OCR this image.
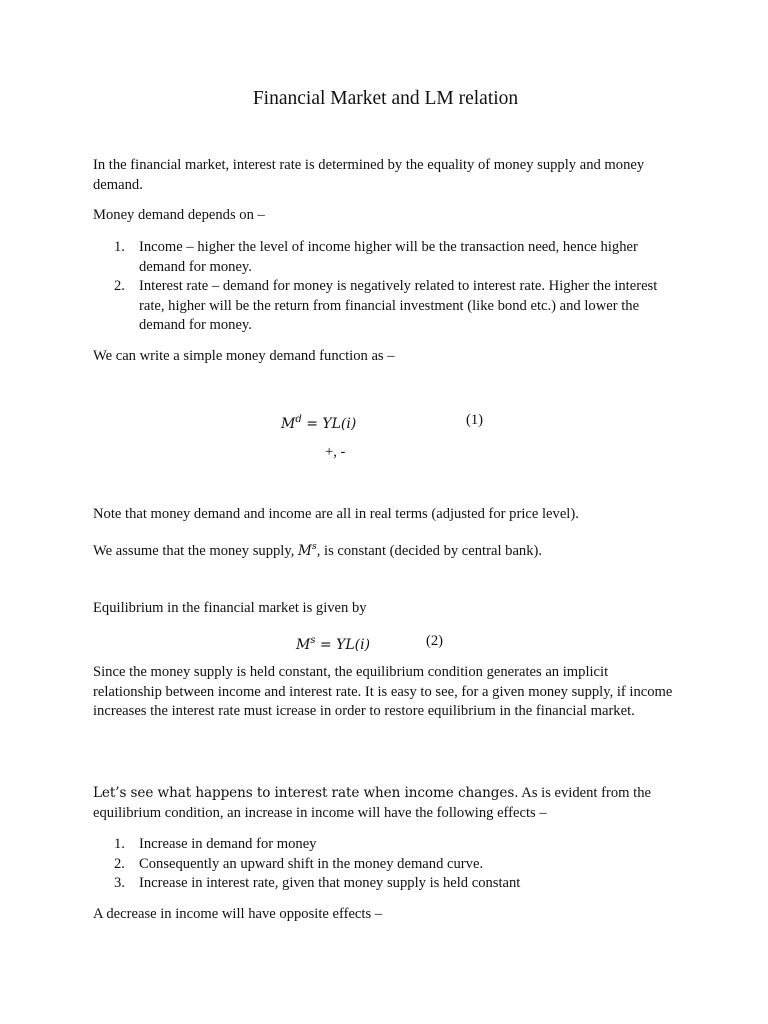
Financial Market and LM relation

In the financial market, interest rate is determined by the equality of money supply and money demand.

Money demand depends on –

1. Income – higher the level of income higher will be the transaction need, hence higher demand for money.
2. Interest rate – demand for money is negatively related to interest rate. Higher the interest rate, higher will be the return from financial investment (like bond etc.) and lower the demand for money.

We can write a simple money demand function as –

$M^d = YL(i)$	(1)
+, -

Note that money demand and income are all in real terms (adjusted for price level).

We assume that the money supply, $M^s$, is constant (decided by central bank).

Equilibrium in the financial market is given by

$M^s = YL(i)$	(2)

Since the money supply is held constant, the equilibrium condition generates an implicit relationship between income and interest rate. It is easy to see, for a given money supply, if income increases the interest rate must icrease in order to restore equilibrium in the financial market.

Let’s see what happens to interest rate when income changes. As is evident from the equilibrium condition, an increase in income will have the following effects –

1. Increase in demand for money
2. Consequently an upward shift in the money demand curve.
3. Increase in interest rate, given that money supply is held constant

A decrease in income will have opposite effects –
